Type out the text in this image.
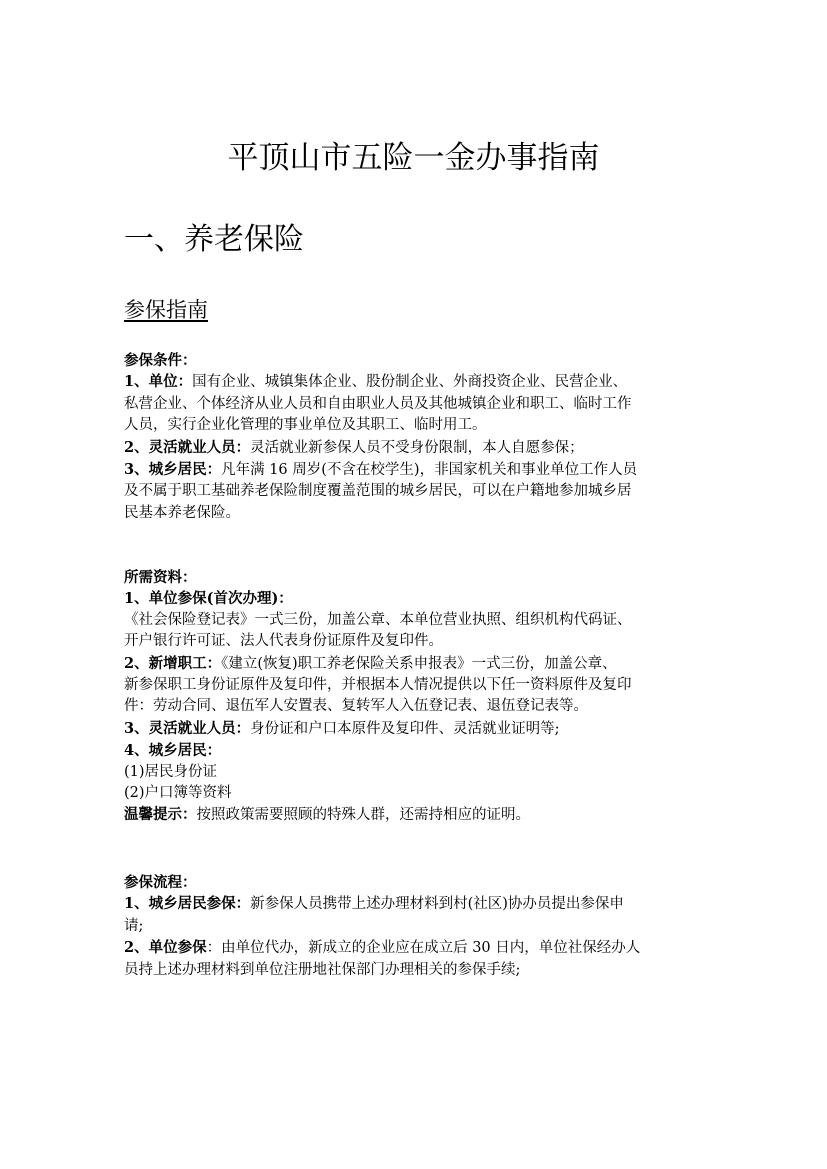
平顶山市五险一金办事指南
一、养老保险
参保指南

参保条件：

1、单位：国有企业、城镇集体企业、股份制企业、外商投资企业、民营企业、

私营企业、个体经济从业人员和自由职业人员及其他城镇企业和职工、临时工作

人员，实行企业化管理的事业单位及其职工、临时用工。

2、灵活就业人员：灵活就业新参保人员不受身份限制，本人自愿参保；

3、城乡居民：凡年满 16 周岁(不含在校学生)，非国家机关和事业单位工作人员

及不属于职工基础养老保险制度覆盖范围的城乡居民，可以在户籍地参加城乡居

民基本养老保险。

所需资料：

1、单位参保(首次办理)：

《社会保险登记表》一式三份，加盖公章、本单位营业执照、组织机构代码证、

开户银行许可证、法人代表身份证原件及复印件。

2、新增职工：《建立(恢复)职工养老保险关系申报表》一式三份，加盖公章、

新参保职工身份证原件及复印件，并根据本人情况提供以下任一资料原件及复印

件：劳动合同、退伍军人安置表、复转军人入伍登记表、退伍登记表等。

3、灵活就业人员：身份证和户口本原件及复印件、灵活就业证明等;

4、城乡居民：

(1)居民身份证

(2)户口簿等资料

温馨提示：按照政策需要照顾的特殊人群，还需持相应的证明。

参保流程：

1、城乡居民参保：新参保人员携带上述办理材料到村(社区)协办员提出参保申

请;

2、单位参保：由单位代办，新成立的企业应在成立后 30 日内，单位社保经办人

员持上述办理材料到单位注册地社保部门办理相关的参保手续;
